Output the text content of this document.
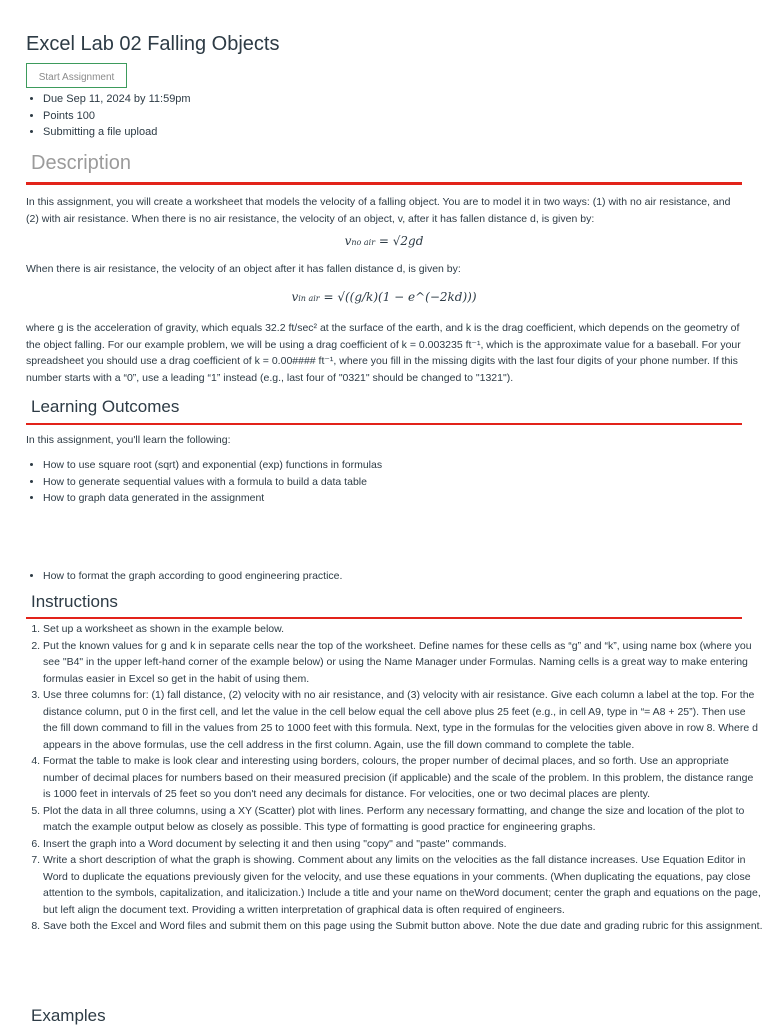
Excel Lab 02 Falling Objects
Start Assignment
• Due Sep 11, 2024 by 11:59pm
• Points 100
• Submitting a file upload
Description

In this assignment, you will create a worksheet that models the velocity of a falling object. You are to model it in two ways: (1) with no air resistance, and (2) with air resistance. When there is no air resistance, the velocity of an object, v, after it has fallen distance d, is given by:

vno air = √2gd

When there is air resistance, the velocity of an object after it has fallen distance d, is given by:

vin air = √((g/k)(1 − e^(−2kd)))

where g is the acceleration of gravity, which equals 32.2 ft/sec² at the surface of the earth, and k is the drag coefficient, which depends on the geometry of the object falling. For our example problem, we will be using a drag coefficient of k = 0.003235 ft⁻¹, which is the approximate value for a baseball. For your spreadsheet you should use a drag coefficient of k = 0.00#### ft⁻¹, where you fill in the missing digits with the last four digits of your phone number. If this number starts with a “0”, use a leading “1” instead (e.g., last four of "0321" should be changed to "1321").

Learning Outcomes

In this assignment, you'll learn the following:

• How to use square root (sqrt) and exponential (exp) functions in formulas
• How to generate sequential values with a formula to build a data table
• How to graph data generated in the assignment
• How to format the graph according to good engineering practice.
Instructions
1. Set up a worksheet as shown in the example below.
2. Put the known values for g and k in separate cells near the top of the worksheet. Define names for these cells as “g” and “k”, using name box (where you see "B4" in the upper left-hand corner of the example below) or using the Name Manager under Formulas. Naming cells is a great way to make entering formulas easier in Excel so get in the habit of using them.
3. Use three columns for: (1) fall distance, (2) velocity with no air resistance, and (3) velocity with air resistance. Give each column a label at the top. For the distance column, put 0 in the first cell, and let the value in the cell below equal the cell above plus 25 feet (e.g., in cell A9, type in “= A8 + 25”). Then use the fill down command to fill in the values from 25 to 1000 feet with this formula. Next, type in the formulas for the velocities given above in row 8. Where d appears in the above formulas, use the cell address in the first column. Again, use the fill down command to complete the table.
4. Format the table to make is look clear and interesting using borders, colours, the proper number of decimal places, and so forth. Use an appropriate number of decimal places for numbers based on their measured precision (if applicable) and the scale of the problem. In this problem, the distance range is 1000 feet in intervals of 25 feet so you don't need any decimals for distance. For velocities, one or two decimal places are plenty.
5. Plot the data in all three columns, using a XY (Scatter) plot with lines. Perform any necessary formatting, and change the size and location of the plot to match the example output below as closely as possible. This type of formatting is good practice for engineering graphs.
6. Insert the graph into a Word document by selecting it and then using "copy" and "paste" commands.
7. Write a short description of what the graph is showing. Comment about any limits on the velocities as the fall distance increases. Use Equation Editor in Word to duplicate the equations previously given for the velocity, and use these equations in your comments. (When duplicating the equations, pay close attention to the symbols, capitalization, and italicization.) Include a title and your name on theWord document; center the graph and equations on the page, but left align the document text. Providing a written interpretation of graphical data is often required of engineers.
8. Save both the Excel and Word files and submit them on this page using the Submit button above. Note the due date and grading rubric for this assignment.
Examples
